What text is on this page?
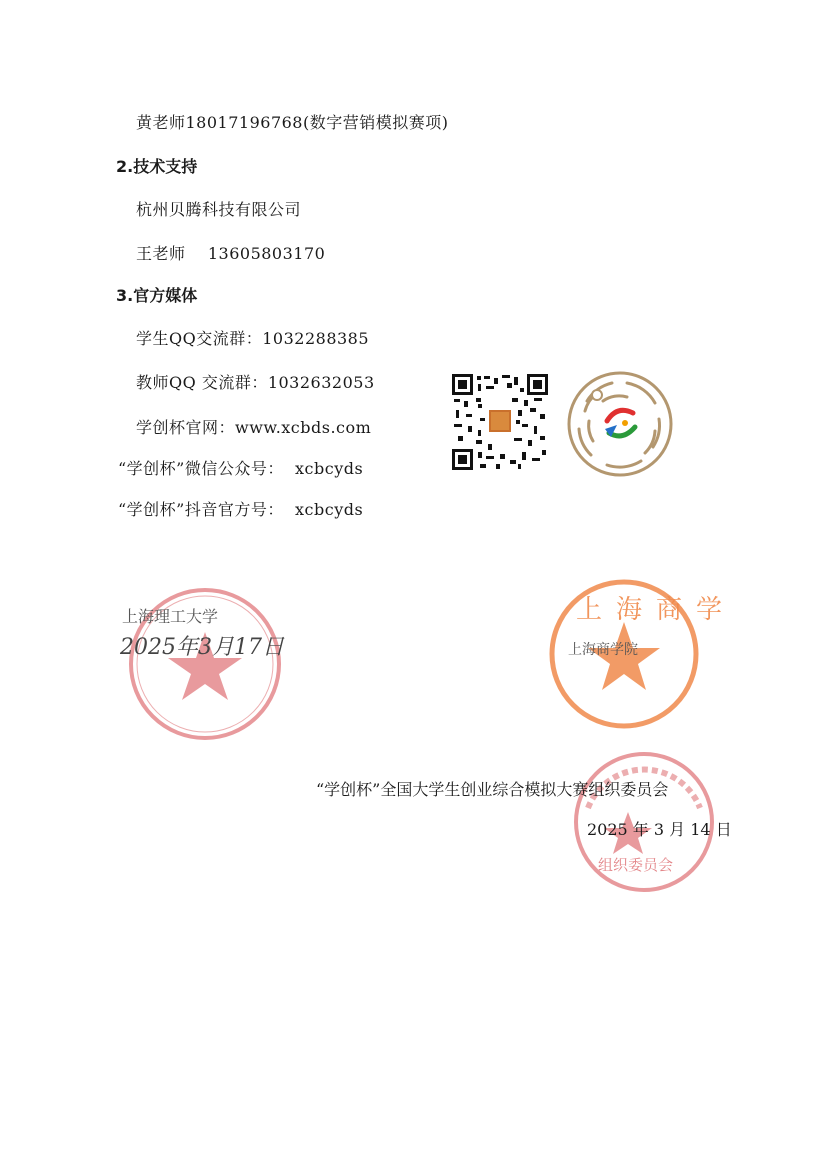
黄老师18017196768(数字营销模拟赛项)
2.技术支持
杭州贝腾科技有限公司
王老师    13605803170
3.官方媒体
学生QQ交流群：1032288385
教师QQ 交流群：1032632053
学创杯官网：www.xcbds.com
“学创杯”微信公众号：  xcbcyds
“学创杯”抖音官方号：  xcbcyds
上海理工大学
2025年3月17日
上海商学
上海商学院
组织委员会
“学创杯”全国大学生创业综合模拟大赛组织委员会
2025 年 3 月 14 日
